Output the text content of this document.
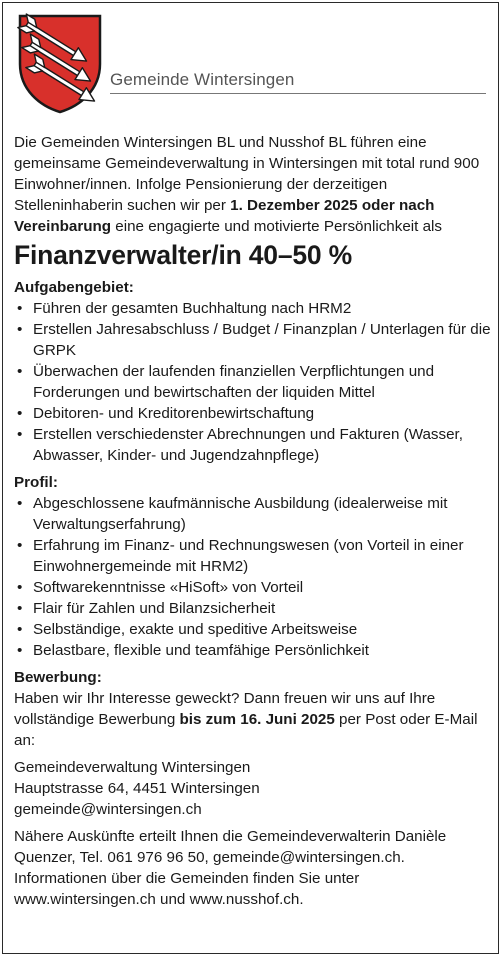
Gemeinde Wintersingen

Die Gemeinden Wintersingen BL und Nusshof BL führen eine gemeinsame Gemeindeverwaltung in Wintersingen mit total rund 900 Einwohner/innen. Infolge Pensionierung der derzeitigen Stelleninhaberin suchen wir per 1. Dezember 2025 oder nach Vereinbarung eine engagierte und motivierte Persönlichkeit als

Finanzverwalter/in 40–50 %
Aufgabengebiet:
• Führen der gesamten Buchhaltung nach HRM2
• Erstellen Jahresabschluss / Budget / Finanzplan / Unterlagen für die GRPK
• Überwachen der laufenden finanziellen Verpflichtungen und Forderungen und bewirtschaften der liquiden Mittel
• Debitoren- und Kreditorenbewirtschaftung
• Erstellen verschiedenster Abrechnungen und Fakturen (Wasser, Abwasser, Kinder- und Jugendzahnpflege)
Profil:
• Abgeschlossene kaufmännische Ausbildung (idealerweise mit Verwaltungserfahrung)
• Erfahrung im Finanz- und Rechnungswesen (von Vorteil in einer Einwohnergemeinde mit HRM2)
• Softwarekenntnisse «HiSoft» von Vorteil
• Flair für Zahlen und Bilanzsicherheit
• Selbständige, exakte und speditive Arbeitsweise
• Belastbare, flexible und teamfähige Persönlichkeit
Bewerbung:

Haben wir Ihr Interesse geweckt? Dann freuen wir uns auf Ihre vollständige Bewerbung bis zum 16. Juni 2025 per Post oder E-Mail an:

Gemeindeverwaltung Wintersingen
Hauptstrasse 64, 4451 Wintersingen
gemeinde@wintersingen.ch

Nähere Auskünfte erteilt Ihnen die Gemeindeverwalterin Danièle Quenzer, Tel. 061 976 96 50, gemeinde@wintersingen.ch.

Informationen über die Gemeinden finden Sie unter www.wintersingen.ch und www.nusshof.ch.
